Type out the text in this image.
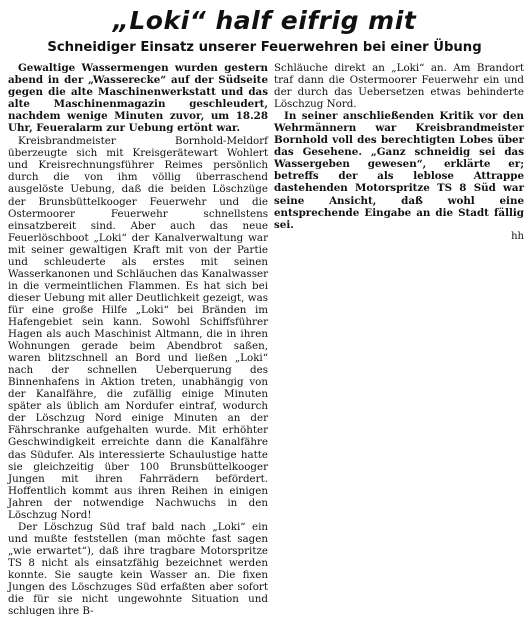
„Loki“ half eifrig mit
Schneidiger Einsatz unserer Feuerwehren bei einer Übung

Gewaltige Wassermengen wurden gestern abend in der „Wasserecke“ auf der Südseite gegen die alte Maschinenwerkstatt und das alte Maschinenmagazin geschleudert, nachdem wenige Minuten zuvor, um 18.28 Uhr, Feueralarm zur Uebung ertönt war.

Kreisbrandmeister Bornhold-Meldorf überzeugte sich mit Kreisgerätewart Wohlert und Kreisrechnungsführer Reimes persönlich durch die von ihm völlig überraschend ausgelöste Uebung, daß die beiden Löschzüge der Brunsbüttelkooger Feuerwehr und die Ostermoorer Feuerwehr schnellstens einsatzbereit sind. Aber auch das neue Feuerlöschboot „Loki“ der Kanalverwaltung war mit seiner gewaltigen Kraft mit von der Partie und schleuderte als erstes mit seinen Wasserkanonen und Schläuchen das Kanalwasser in die vermeintlichen Flammen. Es hat sich bei dieser Uebung mit aller Deutlichkeit gezeigt, was für eine große Hilfe „Loki“ bei Bränden im Hafengebiet sein kann. Sowohl Schiffsführer Hagen als auch Maschinist Altmann, die in ihren Wohnungen gerade beim Abendbrot saßen, waren blitzschnell an Bord und ließen „Loki“ nach der schnellen Ueberquerung des Binnenhafens in Aktion treten, unabhängig von der Kanalfähre, die zufällig einige Minuten später als üblich am Nordufer eintraf, wodurch der Löschzug Nord einige Minuten an der Fährschranke aufgehalten wurde. Mit erhöhter Geschwindigkeit erreichte dann die Kanalfähre das Südufer. Als interessierte Schaulustige hatte sie gleichzeitig über 100 Brunsbüttelkooger Jungen mit ihren Fahrrädern befördert. Hoffentlich kommt aus ihren Reihen in einigen Jahren der notwendige Nachwuchs in den Löschzug Nord!

Der Löschzug Süd traf bald nach „Loki“ ein und mußte feststellen (man möchte fast sagen „wie erwartet“), daß ihre tragbare Motorspritze TS 8 nicht als einsatzfähig bezeichnet werden konnte. Sie saugte kein Wasser an. Die fixen Jungen des Löschzuges Süd erfaßten aber sofort die für sie nicht ungewohnte Situation und schlugen ihre B-

Schläuche direkt an „Loki“ an. Am Brandort traf dann die Ostermoorer Feuerwehr ein und der durch das Uebersetzen etwas behinderte Löschzug Nord.

In seiner anschließenden Kritik vor den Wehrmännern war Kreisbrandmeister Bornhold voll des berechtigten Lobes über das Gesehene. „Ganz schneidig sei das Wassergeben gewesen“, erklärte er; betreffs der als leblose Attrappe dastehenden Motorspritze TS 8 Süd war seine Ansicht, daß wohl eine entsprechende Eingabe an die Stadt fällig sei.

hh
